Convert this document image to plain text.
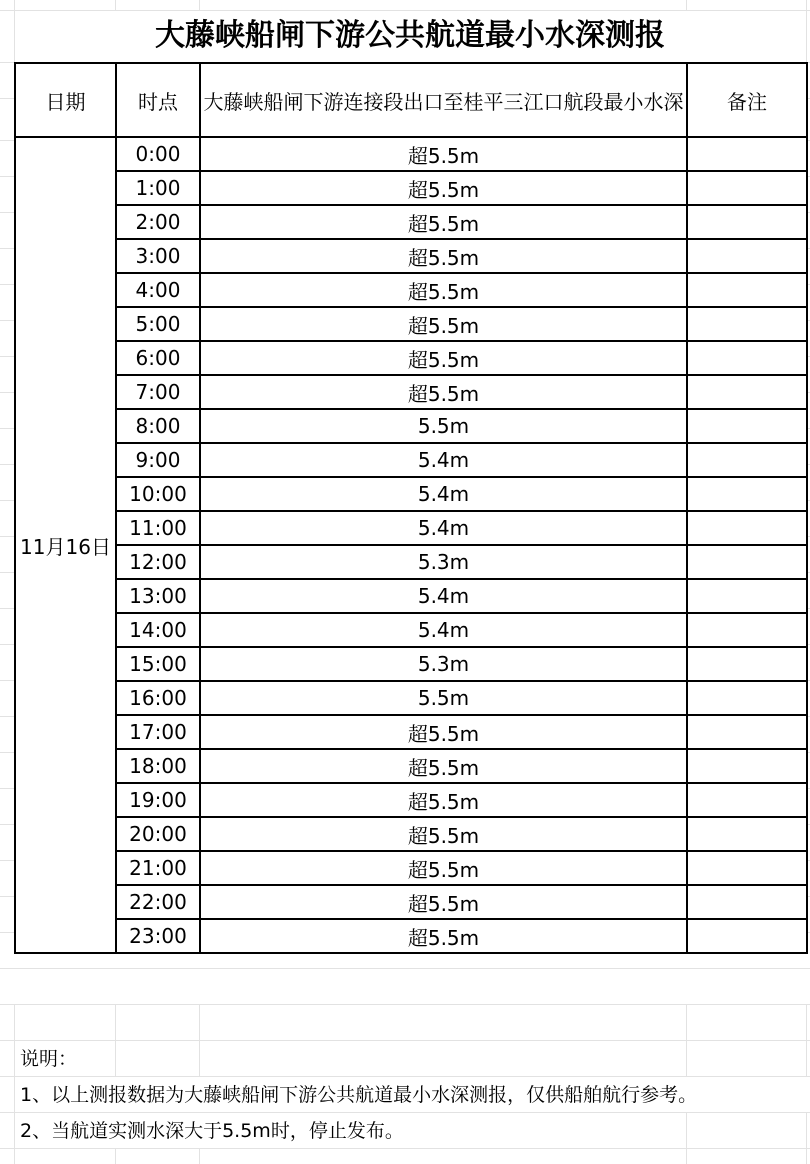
大藤峡船闸下游公共航道最小水深测报
日期	时点	大藤峡船闸下游连接段出口至桂平三江口航段最小水深	备注
11月16日	0:00	超5.5m	
	1:00	超5.5m	
	2:00	超5.5m	
	3:00	超5.5m	
	4:00	超5.5m	
	5:00	超5.5m	
	6:00	超5.5m	
	7:00	超5.5m	
	8:00	5.5m	
	9:00	5.4m	
	10:00	5.4m	
	11:00	5.4m	
	12:00	5.3m	
	13:00	5.4m	
	14:00	5.4m	
	15:00	5.3m	
	16:00	5.5m	
	17:00	超5.5m	
	18:00	超5.5m	
	19:00	超5.5m	
	20:00	超5.5m	
	21:00	超5.5m	
	22:00	超5.5m	
	23:00	超5.5m	
说明：
1、以上测报数据为大藤峡船闸下游公共航道最小水深测报，仅供船舶航行参考。
2、当航道实测水深大于5.5m时，停止发布。
